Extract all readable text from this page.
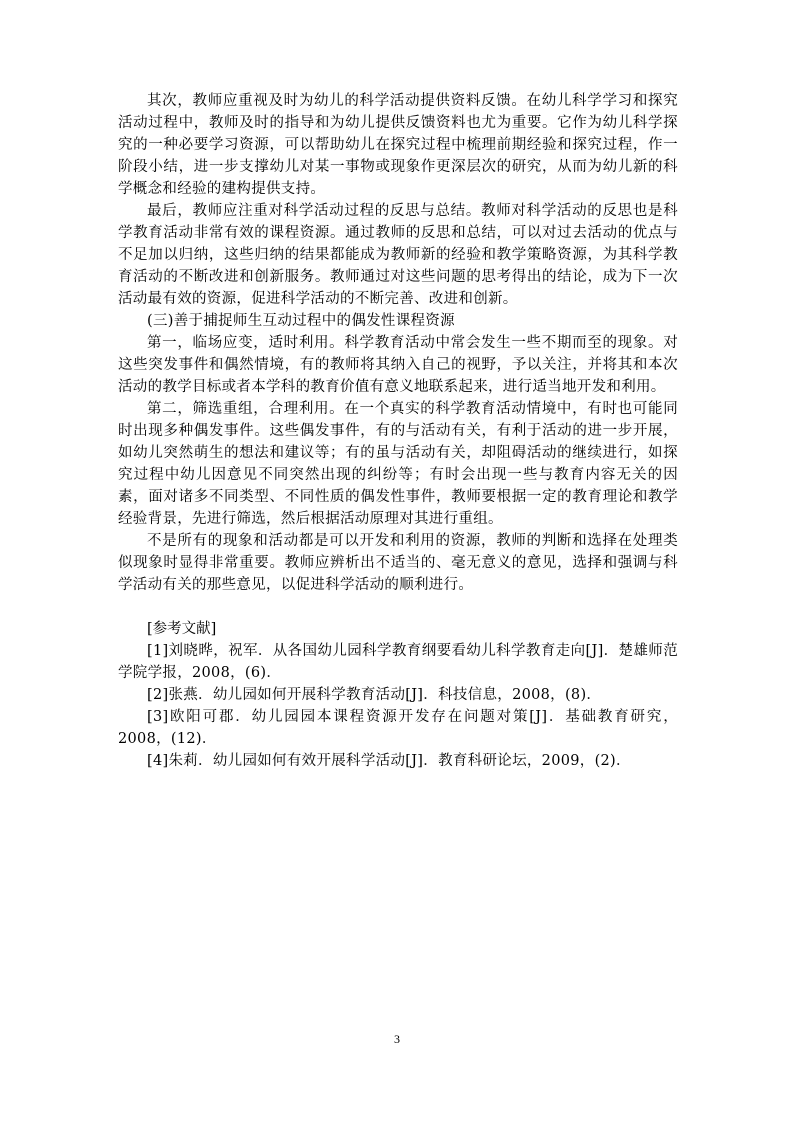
其次，教师应重视及时为幼儿的科学活动提供资料反馈。在幼儿科学学习和探究活动过程中，教师及时的指导和为幼儿提供反馈资料也尤为重要。它作为幼儿科学探究的一种必要学习资源，可以帮助幼儿在探究过程中梳理前期经验和探究过程，作一阶段小结，进一步支撑幼儿对某一事物或现象作更深层次的研究，从而为幼儿新的科学概念和经验的建构提供支持。

最后，教师应注重对科学活动过程的反思与总结。教师对科学活动的反思也是科学教育活动非常有效的课程资源。通过教师的反思和总结，可以对过去活动的优点与不足加以归纳，这些归纳的结果都能成为教师新的经验和教学策略资源，为其科学教育活动的不断改进和创新服务。教师通过对这些问题的思考得出的结论，成为下一次活动最有效的资源，促进科学活动的不断完善、改进和创新。

(三)善于捕捉师生互动过程中的偶发性课程资源

第一，临场应变，适时利用。科学教育活动中常会发生一些不期而至的现象。对这些突发事件和偶然情境，有的教师将其纳入自己的视野，予以关注，并将其和本次活动的教学目标或者本学科的教育价值有意义地联系起来，进行适当地开发和利用。

第二，筛选重组，合理利用。在一个真实的科学教育活动情境中，有时也可能同时出现多种偶发事件。这些偶发事件，有的与活动有关，有利于活动的进一步开展，如幼儿突然萌生的想法和建议等；有的虽与活动有关，却阻碍活动的继续进行，如探究过程中幼儿因意见不同突然出现的纠纷等；有时会出现一些与教育内容无关的因素，面对诸多不同类型、不同性质的偶发性事件，教师要根据一定的教育理论和教学经验背景，先进行筛选，然后根据活动原理对其进行重组。

不是所有的现象和活动都是可以开发和利用的资源，教师的判断和选择在处理类似现象时显得非常重要。教师应辨析出不适当的、毫无意义的意见，选择和强调与科学活动有关的那些意见，以促进科学活动的顺利进行。

[参考文献]

[1]刘晓晔，祝军．从各国幼儿园科学教育纲要看幼儿科学教育走向[J]．楚雄师范学院学报，2008，(6)．

[2]张燕．幼儿园如何开展科学教育活动[J]．科技信息，2008，(8)．

[3]欧阳可郡．幼儿园园本课程资源开发存在问题对策[J]．基础教育研究，2008，(12)．

[4]朱莉．幼儿园如何有效开展科学活动[J]．教育科研论坛，2009，(2)．

3
